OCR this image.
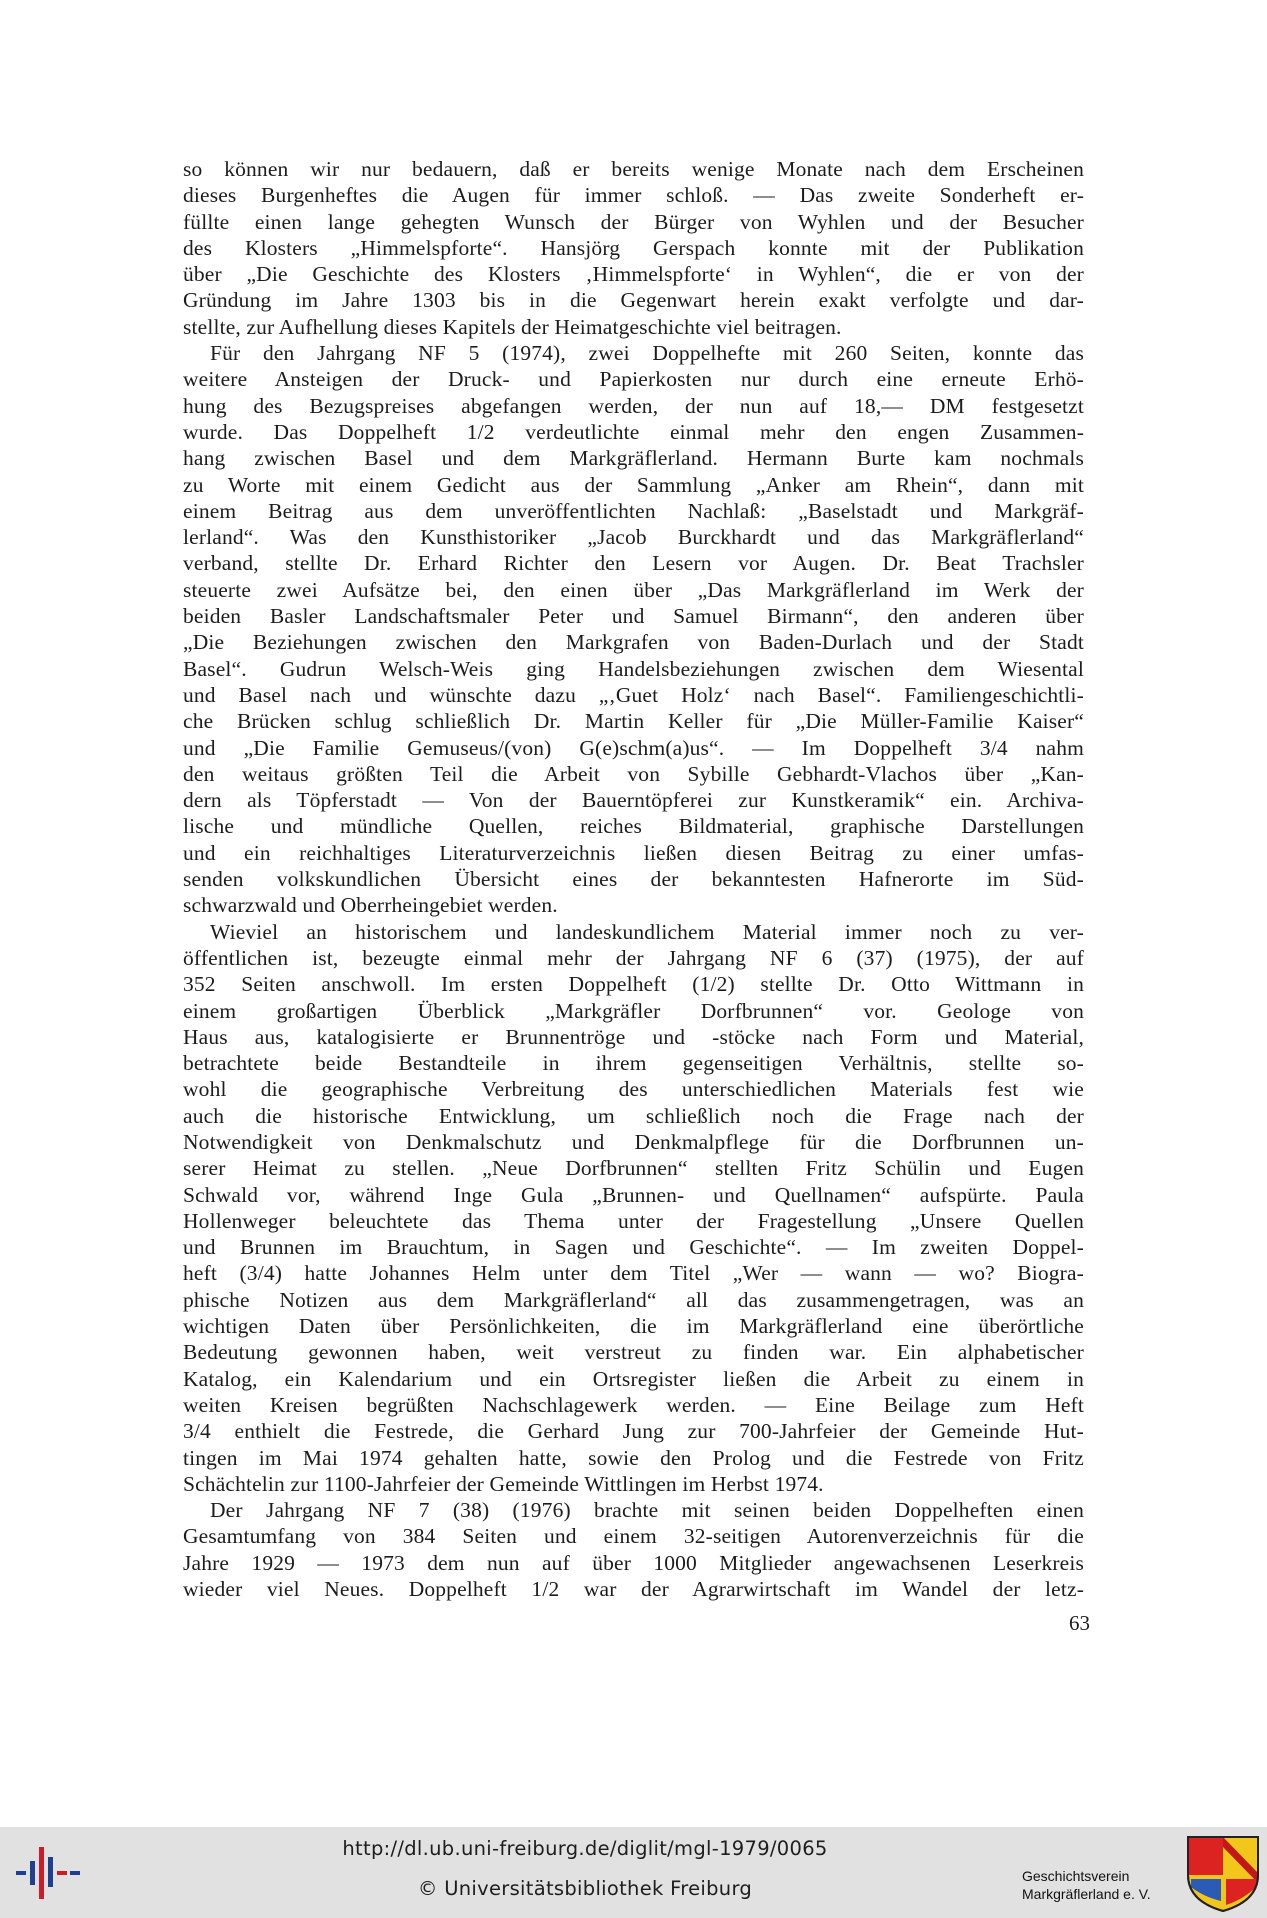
so können wir nur bedauern, daß er bereits wenige Monate nach dem Erscheinen
dieses Burgenheftes die Augen für immer schloß. — Das zweite Sonderheft er-
füllte einen lange gehegten Wunsch der Bürger von Wyhlen und der Besucher
des Klosters „Himmelspforte“. Hansjörg Gerspach konnte mit der Publikation
über „Die Geschichte des Klosters ‚Himmelspforte‘ in Wyhlen“, die er von der
Gründung im Jahre 1303 bis in die Gegenwart herein exakt verfolgte und dar-
stellte, zur Aufhellung dieses Kapitels der Heimatgeschichte viel beitragen.
Für den Jahrgang NF 5 (1974), zwei Doppelhefte mit 260 Seiten, konnte das
weitere Ansteigen der Druck- und Papierkosten nur durch eine erneute Erhö-
hung des Bezugspreises abgefangen werden, der nun auf 18,— DM festgesetzt
wurde. Das Doppelheft 1/2 verdeutlichte einmal mehr den engen Zusammen-
hang zwischen Basel und dem Markgräflerland. Hermann Burte kam nochmals
zu Worte mit einem Gedicht aus der Sammlung „Anker am Rhein“, dann mit
einem Beitrag aus dem unveröffentlichten Nachlaß: „Baselstadt und Markgräf-
lerland“. Was den Kunsthistoriker „Jacob Burckhardt und das Markgräflerland“
verband, stellte Dr. Erhard Richter den Lesern vor Augen. Dr. Beat Trachsler
steuerte zwei Aufsätze bei, den einen über „Das Markgräflerland im Werk der
beiden Basler Landschaftsmaler Peter und Samuel Birmann“, den anderen über
„Die Beziehungen zwischen den Markgrafen von Baden-Durlach und der Stadt
Basel“. Gudrun Welsch-Weis ging Handelsbeziehungen zwischen dem Wiesental
und Basel nach und wünschte dazu „‚Guet Holz‘ nach Basel“. Familiengeschichtli-
che Brücken schlug schließlich Dr. Martin Keller für „Die Müller-Familie Kaiser“
und „Die Familie Gemuseus/(von) G(e)schm(a)us“. — Im Doppelheft 3/4 nahm
den weitaus größten Teil die Arbeit von Sybille Gebhardt-Vlachos über „Kan-
dern als Töpferstadt — Von der Bauerntöpferei zur Kunstkeramik“ ein. Archiva-
lische und mündliche Quellen, reiches Bildmaterial, graphische Darstellungen
und ein reichhaltiges Literaturverzeichnis ließen diesen Beitrag zu einer umfas-
senden volkskundlichen Übersicht eines der bekanntesten Hafnerorte im Süd-
schwarzwald und Oberrheingebiet werden.
Wieviel an historischem und landeskundlichem Material immer noch zu ver-
öffentlichen ist, bezeugte einmal mehr der Jahrgang NF 6 (37) (1975), der auf
352 Seiten anschwoll. Im ersten Doppelheft (1/2) stellte Dr. Otto Wittmann in
einem großartigen Überblick „Markgräfler Dorfbrunnen“ vor. Geologe von
Haus aus, katalogisierte er Brunnentröge und -stöcke nach Form und Material,
betrachtete beide Bestandteile in ihrem gegenseitigen Verhältnis, stellte so-
wohl die geographische Verbreitung des unterschiedlichen Materials fest wie
auch die historische Entwicklung, um schließlich noch die Frage nach der
Notwendigkeit von Denkmalschutz und Denkmalpflege für die Dorfbrunnen un-
serer Heimat zu stellen. „Neue Dorfbrunnen“ stellten Fritz Schülin und Eugen
Schwald vor, während Inge Gula „Brunnen- und Quellnamen“ aufspürte. Paula
Hollenweger beleuchtete das Thema unter der Fragestellung „Unsere Quellen
und Brunnen im Brauchtum, in Sagen und Geschichte“. — Im zweiten Doppel-
heft (3/4) hatte Johannes Helm unter dem Titel „Wer — wann — wo? Biogra-
phische Notizen aus dem Markgräflerland“ all das zusammengetragen, was an
wichtigen Daten über Persönlichkeiten, die im Markgräflerland eine überörtliche
Bedeutung gewonnen haben, weit verstreut zu finden war. Ein alphabetischer
Katalog, ein Kalendarium und ein Ortsregister ließen die Arbeit zu einem in
weiten Kreisen begrüßten Nachschlagewerk werden. — Eine Beilage zum Heft
3/4 enthielt die Festrede, die Gerhard Jung zur 700-Jahrfeier der Gemeinde Hut-
tingen im Mai 1974 gehalten hatte, sowie den Prolog und die Festrede von Fritz
Schächtelin zur 1100-Jahrfeier der Gemeinde Wittlingen im Herbst 1974.
Der Jahrgang NF 7 (38) (1976) brachte mit seinen beiden Doppelheften einen
Gesamtumfang von 384 Seiten und einem 32-seitigen Autorenverzeichnis für die
Jahre 1929 — 1973 dem nun auf über 1000 Mitglieder angewachsenen Leserkreis
wieder viel Neues. Doppelheft 1/2 war der Agrarwirtschaft im Wandel der letz-
63
http://dl.ub.uni-freiburg.de/diglit/mgl-1979/0065
© Universitätsbibliothek Freiburg
Geschichtsverein
Markgräflerland e. V.
